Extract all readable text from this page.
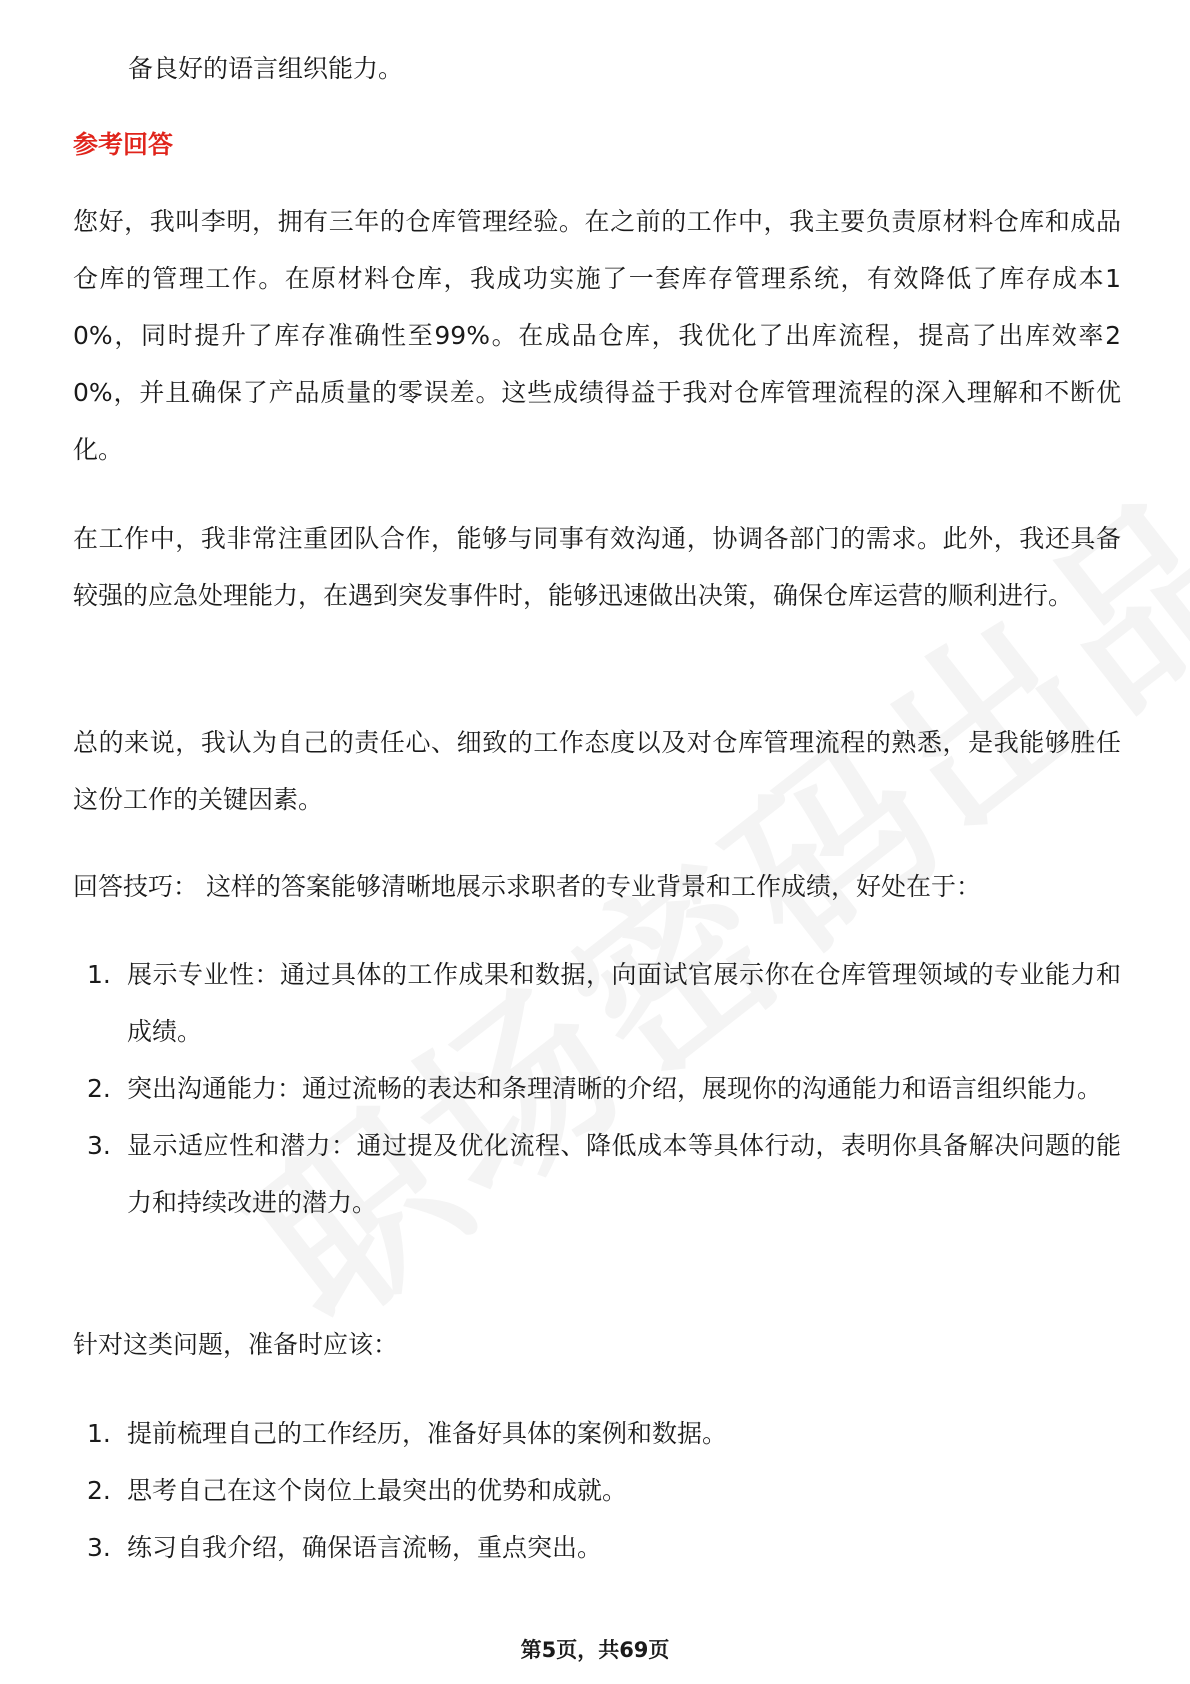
备良好的语言组织能力。
参考回答
您好，我叫李明，拥有三年的仓库管理经验。在之前的工作中，我主要负责原材料仓库和成品仓库的管理工作。在原材料仓库，我成功实施了一套库存管理系统，有效降低了库存成本10%，同时提升了库存准确性至99%。在成品仓库，我优化了出库流程，提高了出库效率20%，并且确保了产品质量的零误差。这些成绩得益于我对仓库管理流程的深入理解和不断优化。
在工作中，我非常注重团队合作，能够与同事有效沟通，协调各部门的需求。此外，我还具备较强的应急处理能力，在遇到突发事件时，能够迅速做出决策，确保仓库运营的顺利进行。
总的来说，我认为自己的责任心、细致的工作态度以及对仓库管理流程的熟悉，是我能够胜任这份工作的关键因素。
回答技巧： 这样的答案能够清晰地展示求职者的专业背景和工作成绩，好处在于：
1. 展示专业性：通过具体的工作成果和数据，向面试官展示你在仓库管理领域的专业能力和成绩。
2. 突出沟通能力：通过流畅的表达和条理清晰的介绍，展现你的沟通能力和语言组织能力。
3. 显示适应性和潜力：通过提及优化流程、降低成本等具体行动，表明你具备解决问题的能力和持续改进的潜力。
针对这类问题，准备时应该：
1. 提前梳理自己的工作经历，准备好具体的案例和数据。
2. 思考自己在这个岗位上最突出的优势和成就。
3. 练习自我介绍，确保语言流畅，重点突出。
第5页，共69页
